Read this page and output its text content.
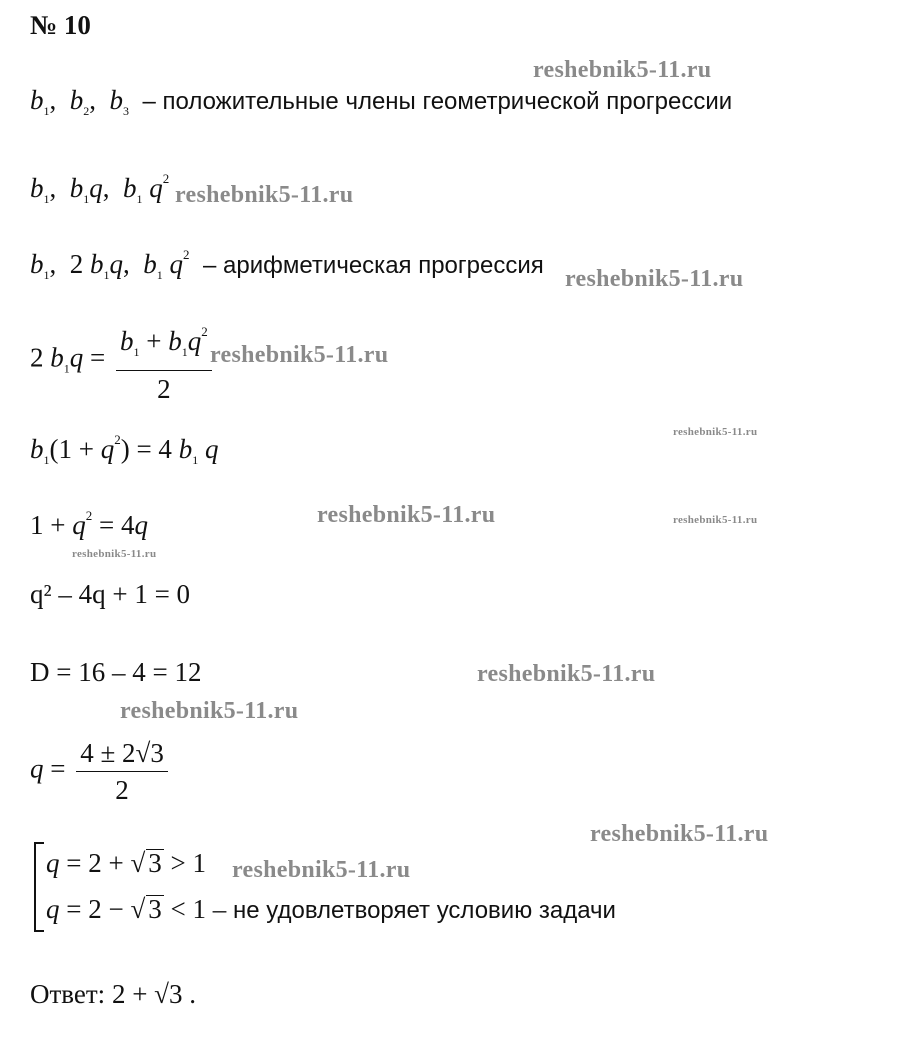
№ 10
reshebnik5-11.ru
reshebnik5-11.ru
reshebnik5-11.ru
reshebnik5-11.ru
reshebnik5-11.ru
reshebnik5-11.ru	reshebnik5-11.ru
reshebnik5-11.ru
reshebnik5-11.ru
reshebnik5-11.ru
reshebnik5-11.ru
reshebnik5-11.ru
$b_1$,  $b_2$,  $b_3$ – положительные члены геометрической прогрессии
$b_1$,  $b_1q$,  $b_1$ $q^2$
$b_1$,  2 $b_1q$,  $b_1$ $q^2$ – арифметическая прогрессия
2 $b_1q = \frac{b_1 + b_1q^2}{2}$
$b_1(1 + q^2) = 4$ $b_1$ q
$1 + q^2 = 4q$
q² – 4q + 1 = 0
D = 16 – 4 = 12
$q = \frac{4 \pm 2√3}{2}$
q = 2 + √ 3 > 1
q = 2 − √ 3 < 1 – не удовлетворяет условию задачи
Ответ: 2 + √3 .
